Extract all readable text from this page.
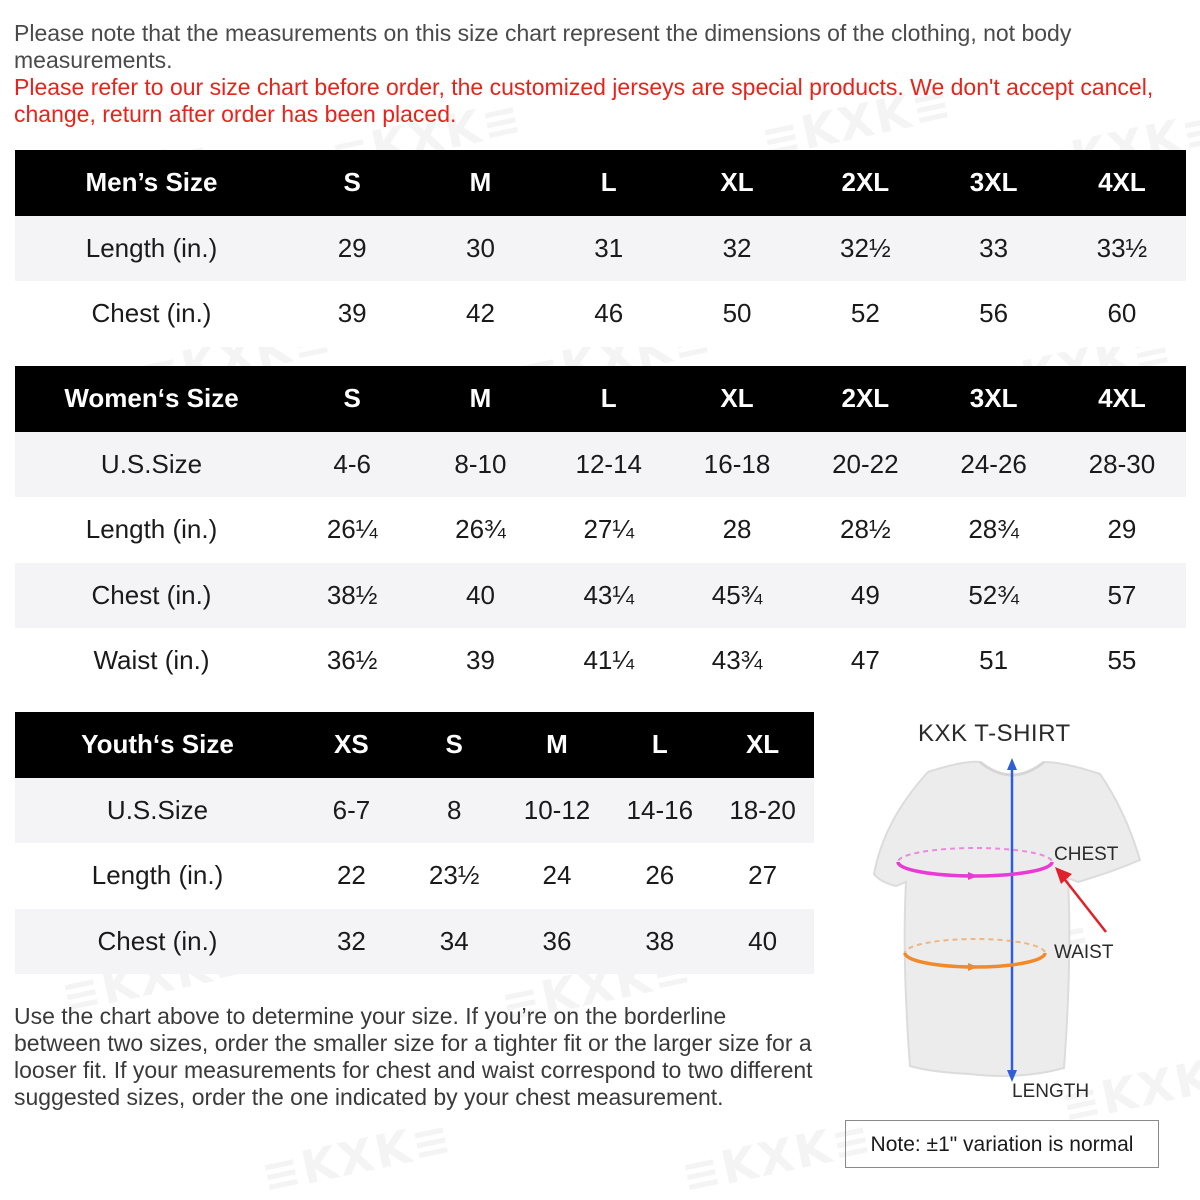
Please note that the measurements on this size chart represent the dimensions of the clothing, not body measurements.
Please refer to our size chart before order, the customized jerseys are special products. We don't accept cancel, change, return after order has been placed.
Men’s Size	S	M	L	XL	2XL	3XL	4XL
Length (in.)	29	30	31	32	32½	33	33½
Chest (in.)	39	42	46	50	52	56	60
Women‘s Size	S	M	L	XL	2XL	3XL	4XL
U.S.Size	4-6	8-10	12-14	16-18	20-22	24-26	28-30
Length (in.)	26¼	26¾	27¼	28	28½	28¾	29
Chest (in.)	38½	40	43¼	45¾	49	52¾	57
Waist (in.)	36½	39	41¼	43¾	47	51	55
Youth‘s Size	XS	S	M	L	XL
U.S.Size	6-7	8	10-12	14-16	18-20
Length (in.)	22	23½	24	26	27
Chest (in.)	32	34	36	38	40
Use the chart above to determine your size. If you’re on the borderline between two sizes, order the smaller size for a tighter fit or the larger size for a looser fit. If your measurements for chest and waist correspond to two different suggested sizes, order the one indicated by your chest measurement.
KXK T-SHIRT
CHEST
WAIST
LENGTH
Note: ±1" variation is normal
